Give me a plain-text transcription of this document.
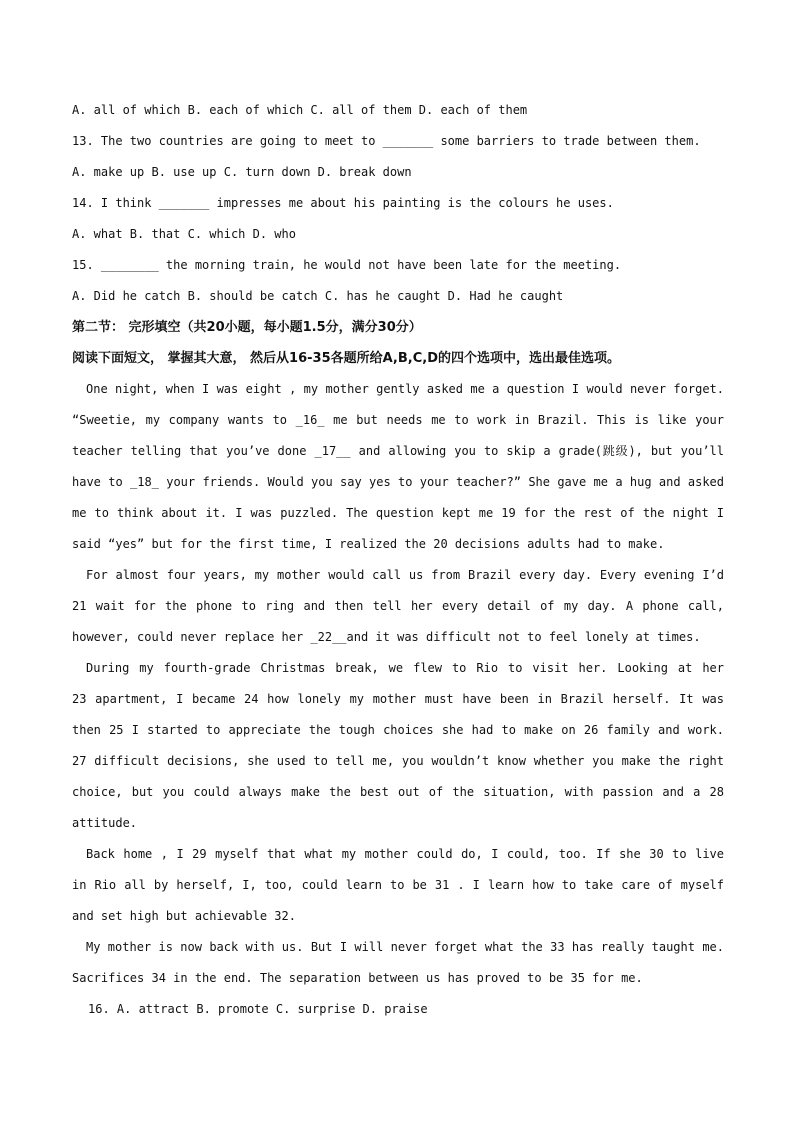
A. all of which B. each of which C. all of them D. each of them
13. The two countries are going to meet to _______ some barriers to trade between them.
A. make up B. use up C. turn down D. break down
14. I think _______ impresses me about his painting is the colours he uses.
A. what B. that C. which D. who
15. ________ the morning train, he would not have been late for the meeting.
A. Did he catch B. should be catch C. has he caught D. Had he caught
第二节： 完形填空（共20小题，每小题1.5分，满分30分）
阅读下面短文， 掌握其大意， 然后从16-35各题所给A,B,C,D的四个选项中，选出最佳选项。
One night, when I was eight , my mother gently asked me a question I would never forget.
“Sweetie, my company wants to _16_ me but needs me to work in Brazil. This is like your
teacher telling that you’ve done _17__ and allowing you to skip a grade(跳级), but you’ll
have to _18_ your friends. Would you say yes to your teacher?” She gave me a hug and asked
me to think about it. I was puzzled. The question kept me 19 for the rest of the night I
said “yes” but for the first time, I realized the 20 decisions adults had to make.
For almost four years, my mother would call us from Brazil every day. Every evening I’d
21 wait for the phone to ring and then tell her every detail of my day. A phone call,
however, could never replace her _22__and it was difficult not to feel lonely at times.
During my fourth-grade Christmas break, we flew to Rio to visit her. Looking at her
23 apartment, I became 24 how lonely my mother must have been in Brazil herself. It was
then 25 I started to appreciate the tough choices she had to make on 26 family and work.
27 difficult decisions, she used to tell me, you wouldn’t know whether you make the right
choice, but you could always make the best out of the situation, with passion and a 28
attitude.
Back home , I 29 myself that what my mother could do, I could, too. If she 30 to live
in Rio all by herself, I, too, could learn to be 31 . I learn how to take care of myself
and set high but achievable 32.
My mother is now back with us. But I will never forget what the 33 has really taught me.
Sacrifices 34 in the end. The separation between us has proved to be 35 for me.
16. A. attract B. promote C. surprise D. praise
